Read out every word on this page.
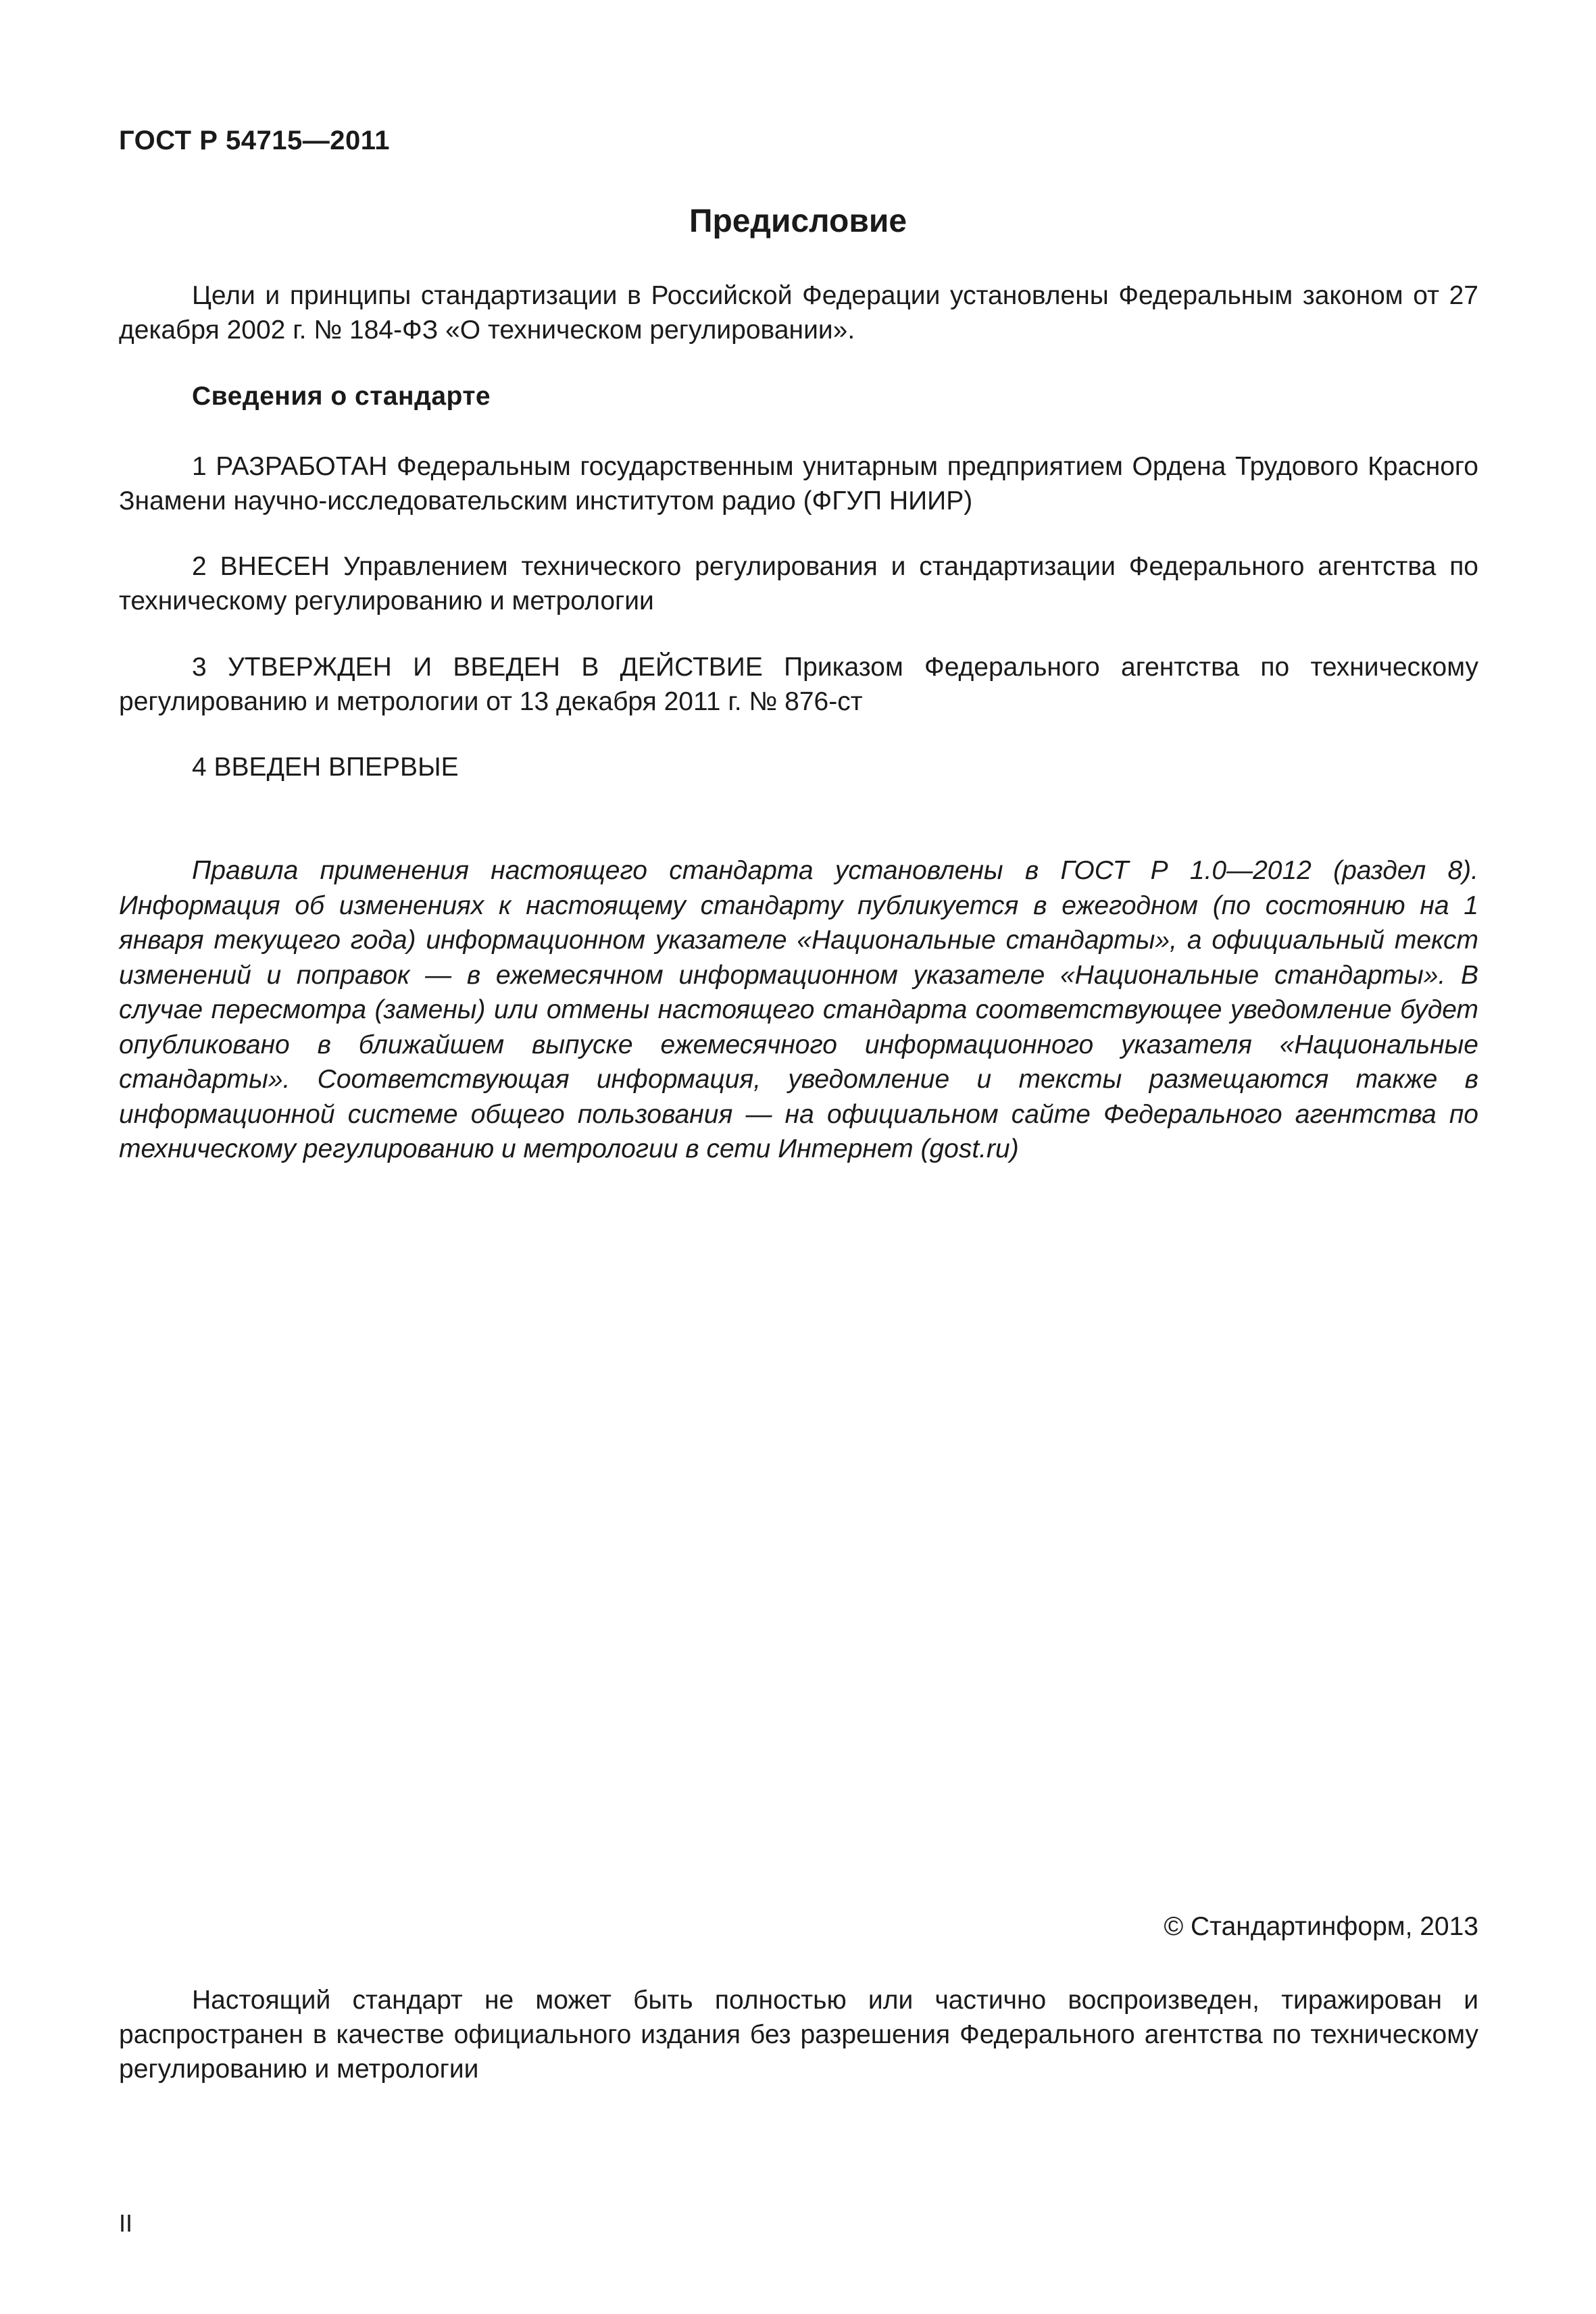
ГОСТ Р 54715—2011
Предисловие

Цели и принципы стандартизации в Российской Федерации установлены Федеральным законом от 27 декабря 2002 г. № 184-ФЗ «О техническом регулировании».

Сведения о стандарте

1 РАЗРАБОТАН Федеральным государственным унитарным предприятием Ордена Трудового Красного Знамени научно-исследовательским институтом радио (ФГУП НИИР)

2 ВНЕСЕН Управлением технического регулирования и стандартизации Федерального агентства по техническому регулированию и метрологии

3 УТВЕРЖДЕН И ВВЕДЕН В ДЕЙСТВИЕ Приказом Федерального агентства по техническому регулированию и метрологии от 13 декабря 2011 г. № 876-ст

4 ВВЕДЕН ВПЕРВЫЕ

Правила применения настоящего стандарта установлены в ГОСТ Р 1.0—2012 (раздел 8). Информация об изменениях к настоящему стандарту публикуется в ежегодном (по состоянию на 1 января текущего года) информационном указателе «Национальные стандарты», а официальный текст изменений и поправок — в ежемесячном информационном указателе «Национальные стандарты». В случае пересмотра (замены) или отмены настоящего стандарта соответствующее уведомление будет опубликовано в ближайшем выпуске ежемесячного информационного указателя «Национальные стандарты». Соответствующая информация, уведомление и тексты размещаются также в информационной системе общего пользования — на официальном сайте Федерального агентства по техническому регулированию и метрологии в сети Интернет (gost.ru)

© Стандартинформ, 2013

Настоящий стандарт не может быть полностью или частично воспроизведен, тиражирован и распространен в качестве официального издания без разрешения Федерального агентства по техническому регулированию и метрологии

II
